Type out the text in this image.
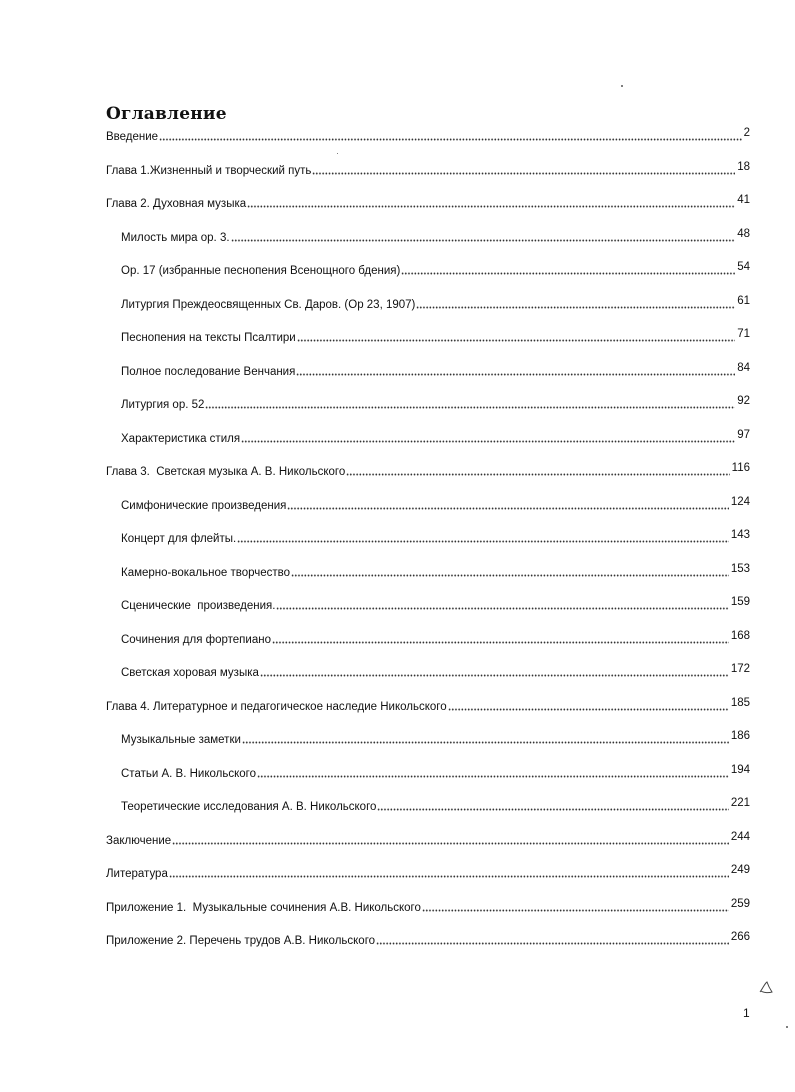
Оглавление
Введение	2
Глава 1.Жизненный и творческий путь	18
Глава 2. Духовная музыка	41
Милость мира ор. 3.	48
Ор. 17 (избранные песнопения Всенощного бдения)	54
Литургия Преждеосвященных Св. Даров. (Ор 23, 1907)	61
Песнопения на тексты Псалтири	71
Полное последование Венчания	84
Литургия ор. 52	92
Характеристика стиля	97
Глава 3.  Светская музыка А. В. Никольского	116
Симфонические произведения	124
Концерт для флейты.	143
Камерно-вокальное творчество	153
Сценические  произведения.	159
Сочинения для фортепиано	168
Светская хоровая музыка	172
Глава 4. Литературное и педагогическое наследие Никольского	185
Музыкальные заметки	186
Статьи А. В. Никольского	194
Теоретические исследования А. В. Никольского	221
Заключение	244
Литература	249
Приложение 1.  Музыкальные сочинения А.В. Никольского	259
Приложение 2. Перечень трудов А.В. Никольского	266
1
